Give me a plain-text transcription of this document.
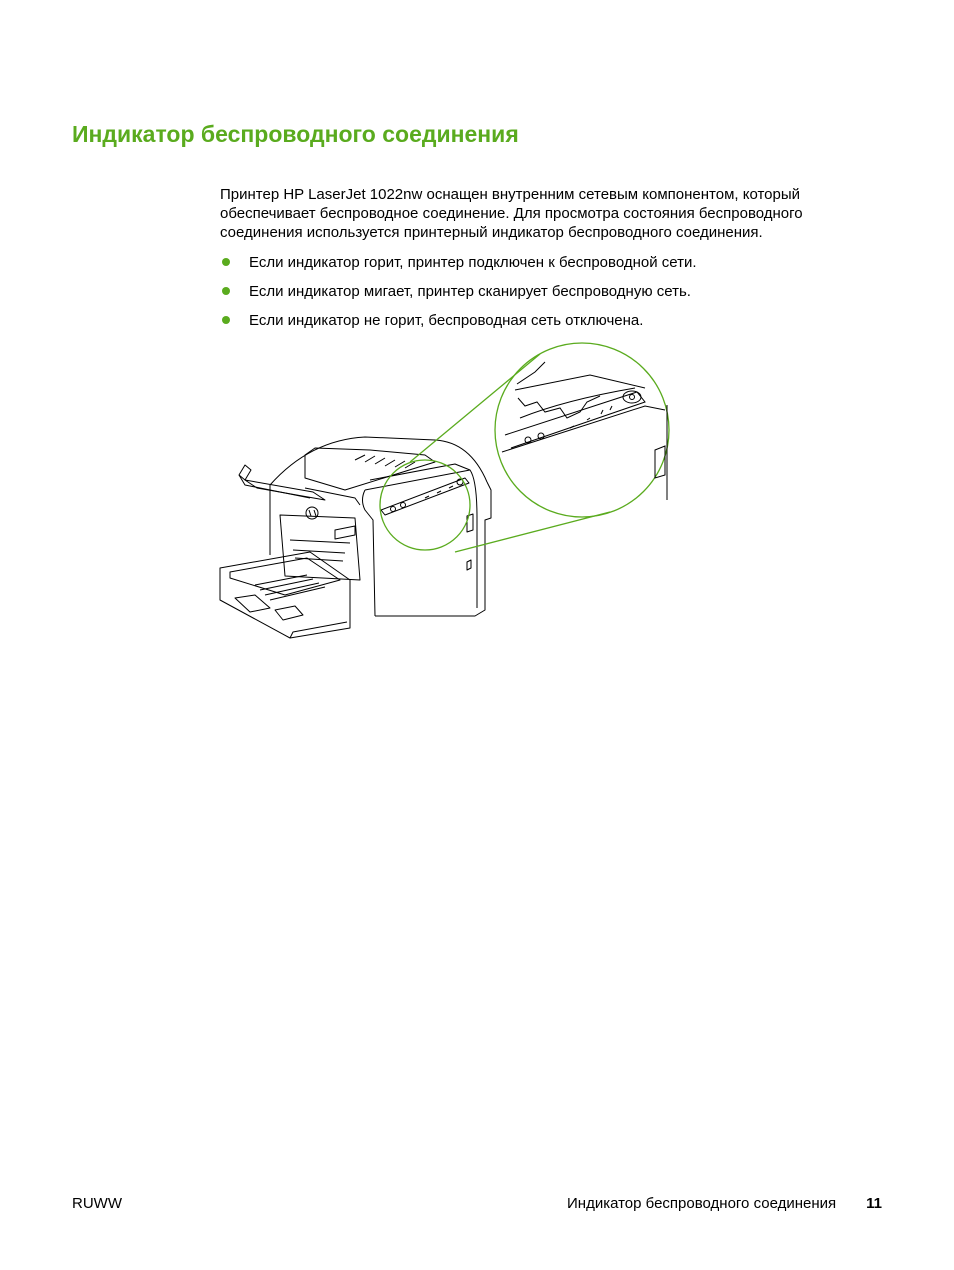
Индикатор беспроводного соединения

Принтер HP LaserJet 1022nw оснащен внутренним сетевым компонентом, который обеспечивает беспроводное соединение. Для просмотра состояния беспроводного соединения используется принтерный индикатор беспроводного соединения.

Если индикатор горит, принтер подключен к беспроводной сети.
Если индикатор мигает, принтер сканирует беспроводную сеть.
Если индикатор не горит, беспроводная сеть отключена.
RUWW	Индикатор беспроводного соединения 11
